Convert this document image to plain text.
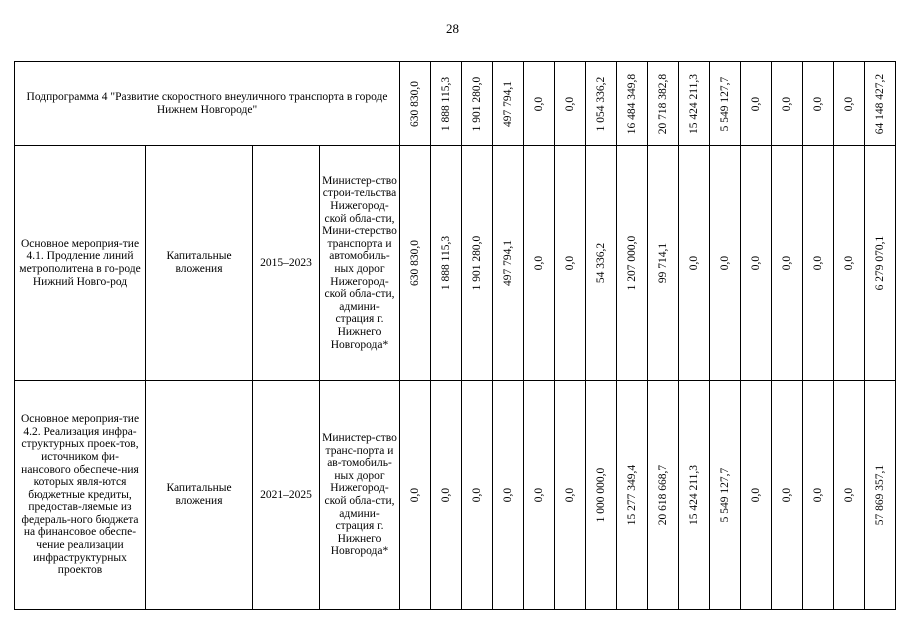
28
Подпрограмма 4 "Развитие скоростного внеуличного транспорта в городе Нижнем Новгороде"				630 830,0	1 888 115,3	1 901 280,0	497 794,1	0,0	0,0	1 054 336,2	16 484 349,8	20 718 382,8	15 424 211,3	5 549 127,7	0,0	0,0	0,0	0,0	64 148 427,2

Основное мероприя-тие 4.1. Продление линий метрополитена в го-роде Нижний Новго-род	Капитальные вложения	2015–2023	Министер-ство строи-тельства Нижегород-ской обла-сти, Мини-стерство транспорта и автомобиль-ных дорог Нижегород-ской обла-сти, админи-страция г. Нижнего Новгорода*	630 830,0	1 888 115,3	1 901 280,0	497 794,1	0,0	0,0	54 336,2	1 207 000,0	99 714,1	0,0	0,0	0,0	0,0	0,0	0,0	6 279 070,1

Основное мероприя-тие 4.2. Реализация инфра-структурных проек-тов, источником фи-нансового обеспече-ния которых явля-ются бюджетные кредиты, предостав-ляемые из федераль-ного бюджета на финансовое обеспе-чение реализации инфраструктурных проектов	Капитальные вложения	2021–2025	Министер-ство транс-порта и ав-томобиль-ных дорог Нижегород-ской обла-сти, админи-страция г. Нижнего Новгорода*	0,0	0,0	0,0	0,0	0,0	0,0	1 000 000,0	15 277 349,4	20 618 668,7	15 424 211,3	5 549 127,7	0,0	0,0	0,0	0,0	57 869 357,1
